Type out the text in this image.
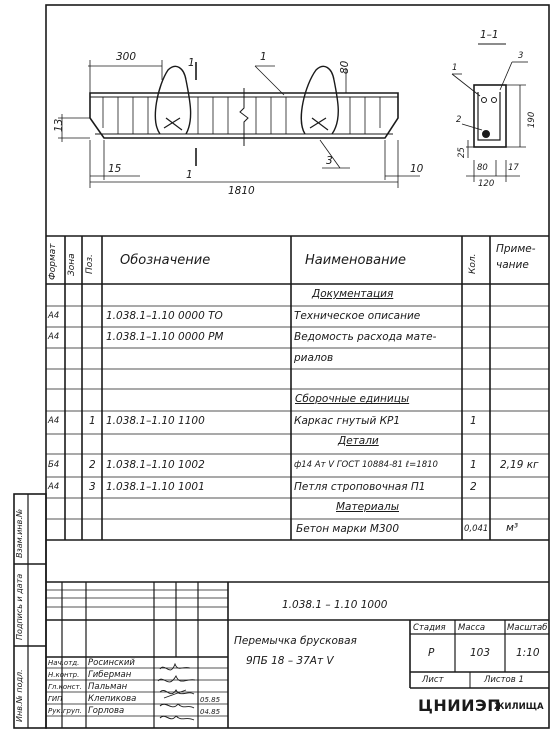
300
80
13
15	10
1810
1
1
1
3
1–1
1
2
3
190
25
80 17
120
Формат Зона Поз. Обозначение	Наименование	Кол.
Приме-
чание
Документация
А4	1.038.1–1.10 0000 ТО	Техническое описание
А4	1.038.1–1.10 0000 РМ	Ведомость расхода мате-
риалов
Сборочные единицы
А4	1 1.038.1–1.10 1100	Каркас гнутый КР1	1
Детали
Б4	2 1.038.1–1.10 1002	ф14 Ат V ГОСТ 10884-81 ℓ=1810	1 2,19 кг
А4	3 1.038.1–1.10 1001	Петля строповочная П1	2
Материалы
Бетон марки М300	0,041 м³
Взам.инв.№
Подпись и дата
Инв.№ подл.
1.038.1 – 1.10 1000
Перемычка брусковая
9ПБ 18 – 37Ат V
Стадия Масса	Масштаб
Р	103 1:10
Лист	Листов 1
ЦНИИЭП
ЖИЛИЩА
Нач.отд. Росинский
Н.контр. Гиберман
Гл.конст. Пальман
ГИП	Клепикова	05.85
Рук.груп. Горлова	04.85
